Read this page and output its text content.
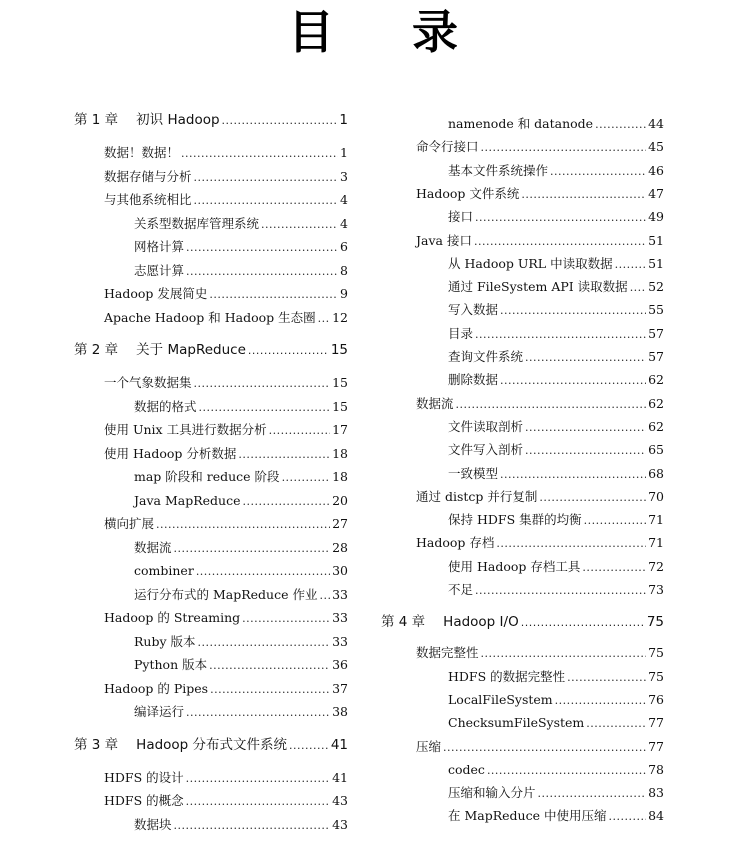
目录
第 1 章 初识 Hadoop .....	1
数据！数据！ .....	1
数据存储与分析 .....	3
与其他系统相比 .....	4
关系型数据库管理系统 .....	4
网格计算 .....	6
志愿计算 .....	8
Hadoop 发展简史 .....	9
Apache Hadoop 和 Hadoop 生态圈 ..... 12
第 2 章 关于 MapReduce .....	15
一个气象数据集 .....	15
数据的格式 .....	15
使用 Unix 工具进行数据分析 .....	17
使用 Hadoop 分析数据 .....	18
map 阶段和 reduce 阶段 .....	18
Java MapReduce .....	20
横向扩展 .....	27
数据流 .....	28
combiner .....	30
运行分布式的 MapReduce 作业 ..... 33
Hadoop 的 Streaming .....	33
Ruby 版本 .....	33
Python 版本 .....	36
Hadoop 的 Pipes .....	37
编译运行 .....	38
第 3 章 Hadoop 分布式文件系统 .....	41
HDFS 的设计 .....	41
HDFS 的概念 .....	43
数据块 .....	43
namenode 和 datanode .....	44
命令行接口 .....	45
基本文件系统操作 .....	46
Hadoop 文件系统 .....	47
接口 .....	49
Java 接口 .....	51
从 Hadoop URL 中读取数据 .....	51
通过 FileSystem API 读取数据 ..... 52
写入数据 .....	55
目录 .....	57
查询文件系统 .....	57
删除数据 .....	62
数据流 .....	62
文件读取剖析 .....	62
文件写入剖析 .....	65
一致模型 .....	68
通过 distcp 并行复制 .....	70
保持 HDFS 集群的均衡 .....	71
Hadoop 存档 .....	71
使用 Hadoop 存档工具 .....	72
不足 .....	73
第 4 章 Hadoop I/O .....	75
数据完整性 .....	75
HDFS 的数据完整性 .....	75
LocalFileSystem .....	76
ChecksumFileSystem .....	77
压缩 .....	77
codec .....	78
压缩和输入分片 .....	83
在 MapReduce 中使用压缩 .....	84
